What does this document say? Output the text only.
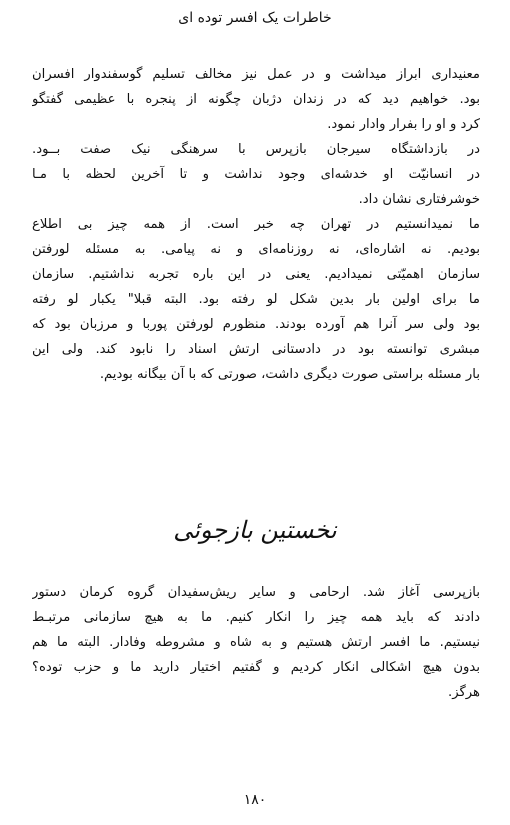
خاطرات یک افسر توده ای

معنیداری ابراز میداشت و در عمل نیز مخالف تسلیم گوسفندوار افسران
بود. خواهیم دید که در زندان دژبان چگونه از پنجره با عظیمی گفتگو
کرد و او را بفرار وادار نمود.

در بازداشتگاه سیرجان بازپرس با سرهنگی نیک صفت بــود.
در انسانیّت او خدشه‌ای وجود نداشت و تا آخرین لحظه با مـا
خوشرفتاری نشان داد.

ما نمیدانستیم در تهران چه خبر است. از همه چیز بی اطلاع
بودیم. نه اشاره‌ای، نه روزنامه‌ای و نه پیامی. به مسئله لورفتن
سازمان اهمیّتی نمیدادیم. یعنی در این باره تجربه نداشتیم. سازمان
ما برای اولین بار بدین شکل لو رفته بود. البته قبلا" یکبار لو رفته
بود ولی سر آنرا هم آورده بودند. منظورم لورفتن پوربا و مرزبان بود که
مبشری توانسته بود در دادستانی ارتش اسناد را نابود کند. ولی این
بار مسئله براستی صورت دیگری داشت، صورتی که با آن بیگانه بودیم.

نخستین بازجوئی

بازپرسی آغاز شد. ارحامی و سایر ریش‌سفیدان گروه کرمان دستور
دادند که باید همه چیز را انکار کنیم. ما به هیچ سازمانی مرتبـط
نیستیم. ما افسر ارتش هستیم و به شاه و مشروطه وفادار. البته ما هم
بدون هیچ اشکالی انکار کردیم و گفتیم اختیار دارید ما و حزب توده؟
هرگز.

۱۸۰
